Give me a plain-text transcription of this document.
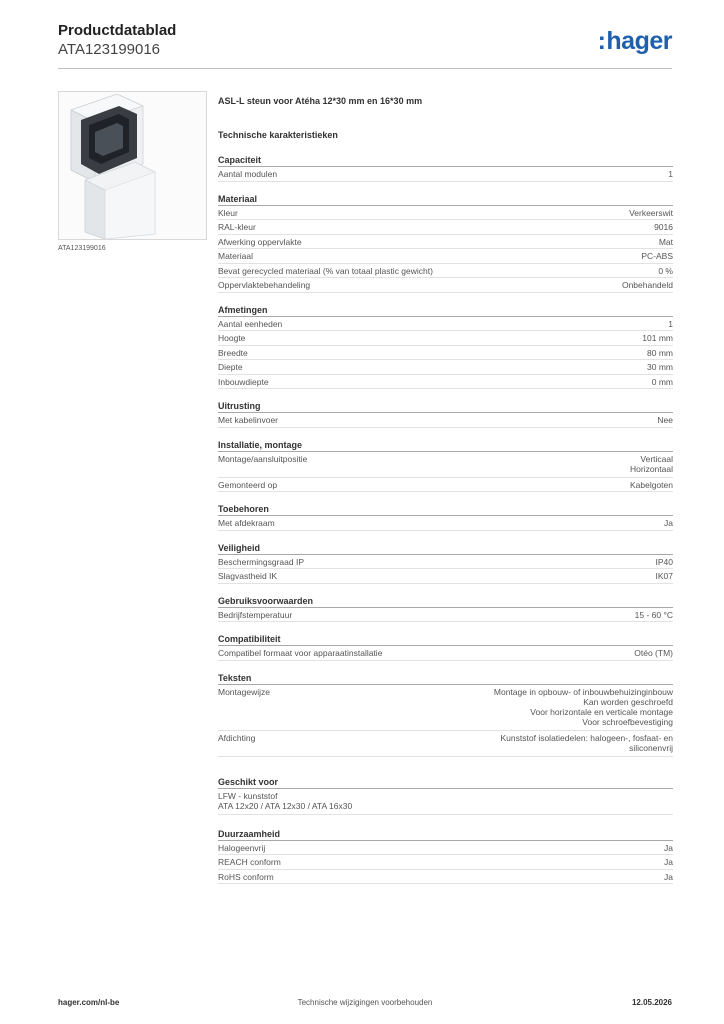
Productdatablad
ATA123199016	:hager
ATA123199016
ASL-L steun voor Atéha 12*30 mm en 16*30 mm
Technische karakteristieken
Capaciteit
Aantal modulen	1
Materiaal
Kleur	Verkeerswit
RAL-kleur	9016
Afwerking oppervlakte	Mat
Materiaal	PC-ABS
Bevat gerecycled materiaal (% van totaal plastic gewicht)	0 %
Oppervlaktebehandeling	Onbehandeld
Afmetingen
Aantal eenheden	1
Hoogte	101 mm
Breedte	80 mm
Diepte	30 mm
Inbouwdiepte	0 mm
Uitrusting
Met kabelinvoer	Nee
Installatie, montage
Montage/aansluitpositie	Verticaal
Horizontaal
Gemonteerd op	Kabelgoten
Toebehoren
Met afdekraam	Ja
Veiligheid
Beschermingsgraad IP	IP40
Slagvastheid IK	IK07
Gebruiksvoorwaarden
Bedrijfstemperatuur	15 - 60 °C
Compatibiliteit
Compatibel formaat voor apparaatinstallatie	Otéo (TM)
Teksten
Montagewijze	Montage in opbouw- of inbouwbehuizinginbouw
Kan worden geschroefd
Voor horizontale en verticale montage
Voor schroefbevestiging
Afdichting	Kunststof isolatiedelen: halogeen-, fosfaat- en
siliconenvrij
Geschikt voor
LFW - kunststof
ATA 12x20 / ATA 12x30 / ATA 16x30
Duurzaamheid
Halogeenvrij	Ja
REACH conform	Ja
RoHS conform	Ja
hager.com/nl-be	Technische wijzigingen voorbehouden	12.05.2026
